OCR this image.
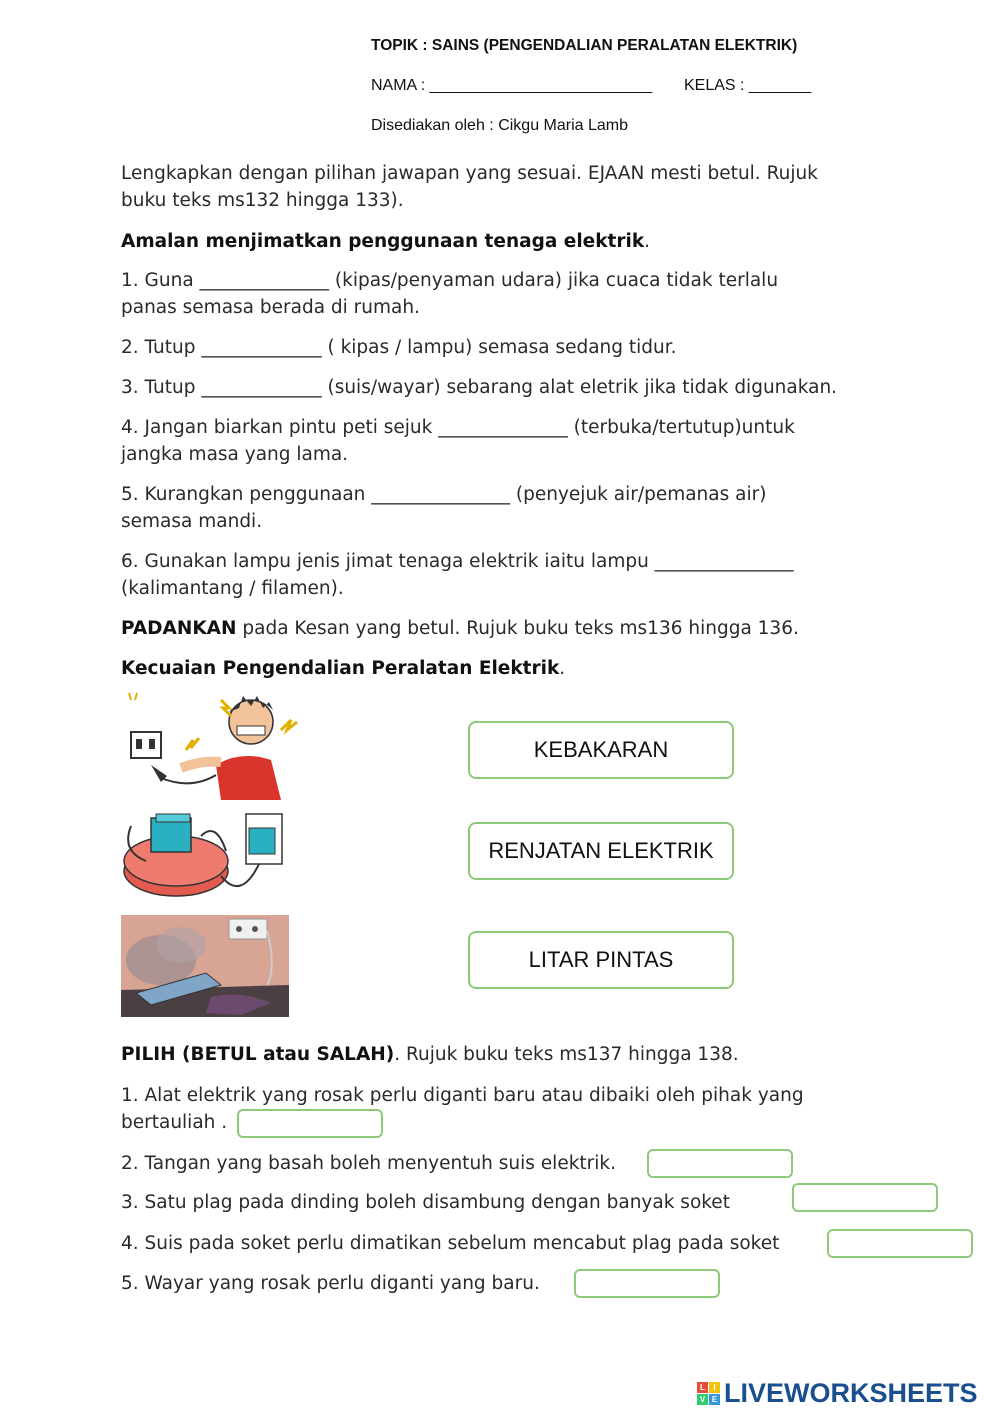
TOPIK : SAINS (PENGENDALIAN PERALATAN ELEKTRIK)
NAMA : _________________________ KELAS : _______
Disediakan oleh : Cikgu Maria Lamb
Lengkapkan dengan pilihan jawapan yang sesuai. EJAAN mesti betul. Rujuk
buku teks ms132 hingga 133).
Amalan menjimatkan penggunaan tenaga elektrik.
1. Guna ______________ (kipas/penyaman udara) jika cuaca tidak terlalu
panas semasa berada di rumah.
2. Tutup _____________ ( kipas / lampu) semasa sedang tidur.
3. Tutup _____________ (suis/wayar) sebarang alat eletrik jika tidak digunakan.
4. Jangan biarkan pintu peti sejuk ______________ (terbuka/tertutup)untuk
jangka masa yang lama.
5. Kurangkan penggunaan _______________ (penyejuk air/pemanas air)
semasa mandi.
6. Gunakan lampu jenis jimat tenaga elektrik iaitu lampu _______________
(kalimantang / filamen).
PADANKAN pada Kesan yang betul. Rujuk buku teks ms136 hingga 136.
Kecuaian Pengendalian Peralatan Elektrik.
KEBAKARAN
RENJATAN ELEKTRIK
LITAR PINTAS
PILIH (BETUL atau SALAH). Rujuk buku teks ms137 hingga 138.
1. Alat elektrik yang rosak perlu diganti baru atau dibaiki oleh pihak yang
bertauliah .
2. Tangan yang basah boleh menyentuh suis elektrik.
3. Satu plag pada dinding boleh disambung dengan banyak soket
4. Suis pada soket perlu dimatikan sebelum mencabut plag pada soket
5. Wayar yang rosak perlu diganti yang baru.
L	I
V E LIVEWORKSHEETS
